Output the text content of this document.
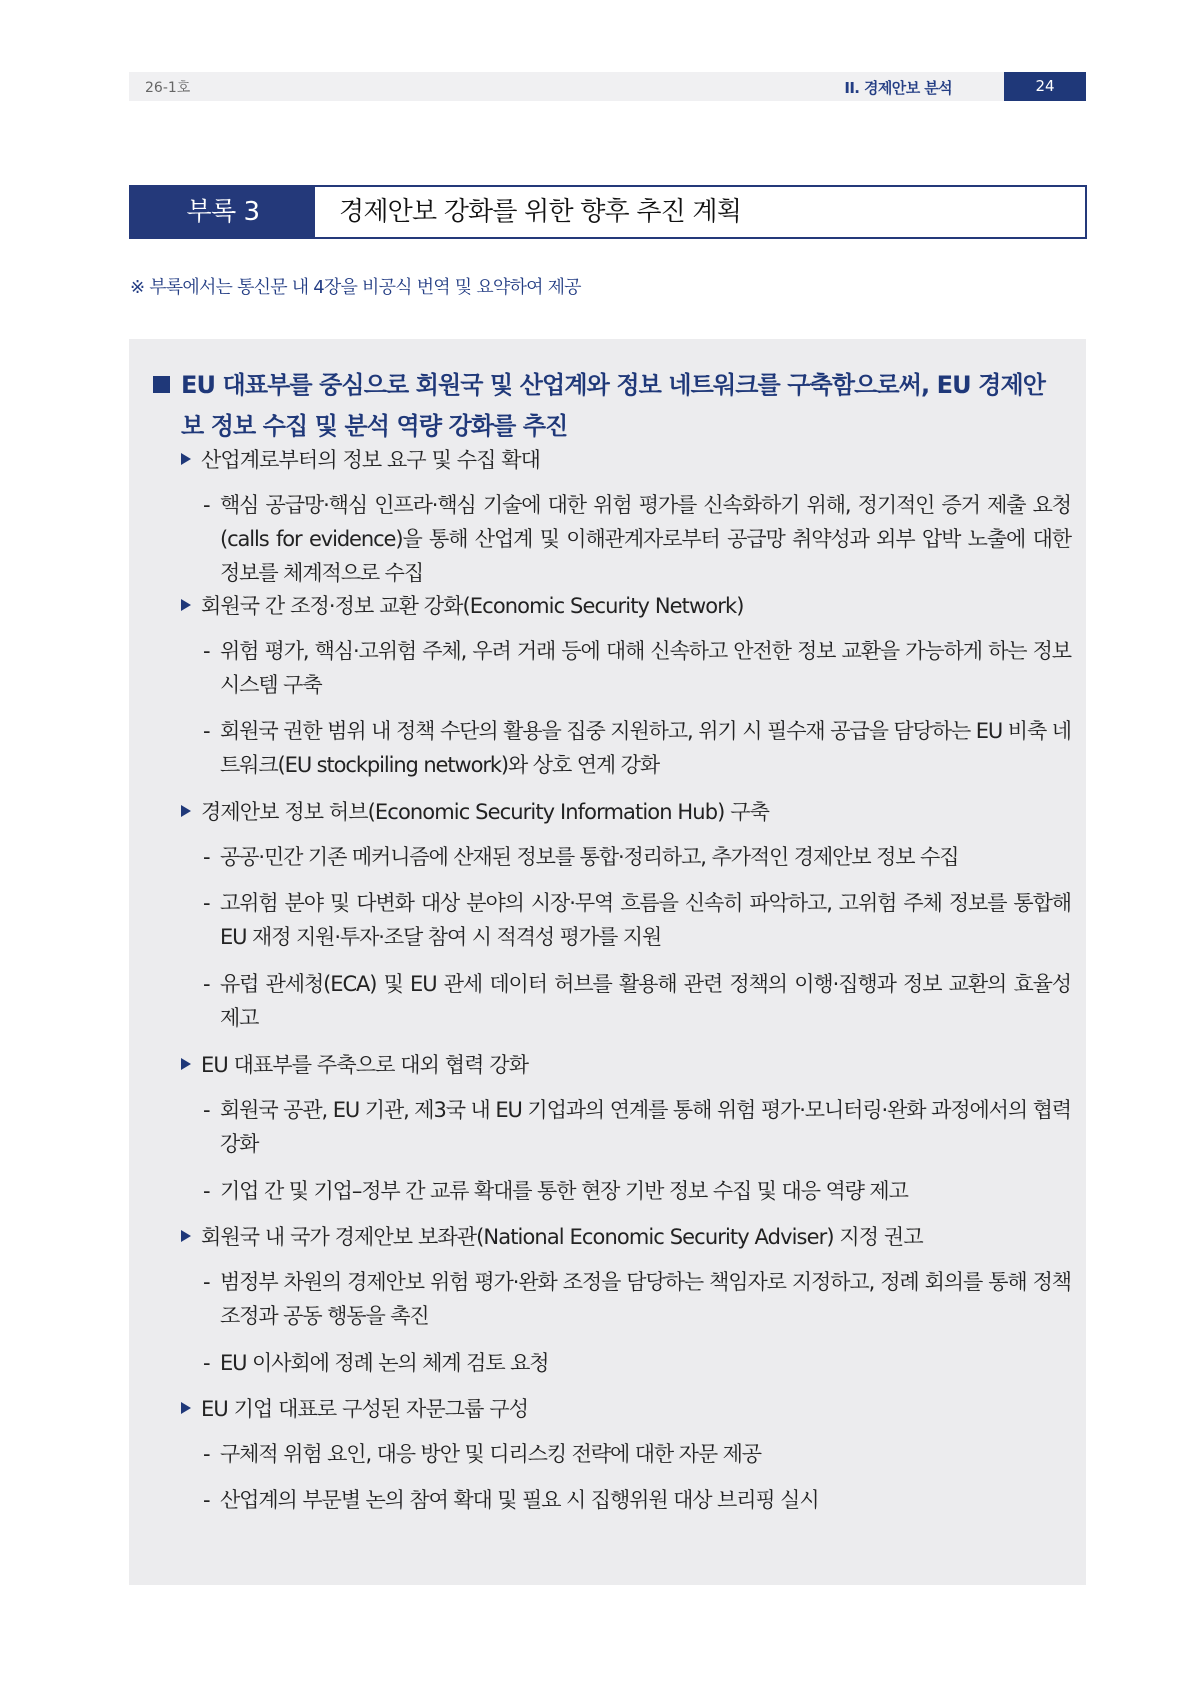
26-1호	II. 경제안보 분석	24
부록 3	경제안보 강화를 위한 향후 추진 계획
※ 부록에서는 통신문 내 4장을 비공식 번역 및 요약하여 제공
EU 대표부를 중심으로 회원국 및 산업계와 정보 네트워크를 구축함으로써, EU 경제안보 정보 수집 및 분석 역량 강화를 추진
산업계로부터의 정보 요구 및 수집 확대
- 핵심 공급망·핵심 인프라·핵심 기술에 대한 위험 평가를 신속화하기 위해, 정기적인 증거 제출 요청(calls for evidence)을 통해 산업계 및 이해관계자로부터 공급망 취약성과 외부 압박 노출에 대한 정보를 체계적으로 수집
회원국 간 조정·정보 교환 강화(Economic Security Network)
- 위험 평가, 핵심·고위험 주체, 우려 거래 등에 대해 신속하고 안전한 정보 교환을 가능하게 하는 정보 시스템 구축
- 회원국 권한 범위 내 정책 수단의 활용을 집중 지원하고, 위기 시 필수재 공급을 담당하는 EU 비축 네트워크(EU stockpiling network)와 상호 연계 강화
경제안보 정보 허브(Economic Security Information Hub) 구축
- 공공·민간 기존 메커니즘에 산재된 정보를 통합·정리하고, 추가적인 경제안보 정보 수집
- 고위험 분야 및 다변화 대상 분야의 시장·무역 흐름을 신속히 파악하고, 고위험 주체 정보를 통합해 EU 재정 지원·투자·조달 참여 시 적격성 평가를 지원
- 유럽 관세청(ECA) 및 EU 관세 데이터 허브를 활용해 관련 정책의 이행·집행과 정보 교환의 효율성 제고
EU 대표부를 주축으로 대외 협력 강화
- 회원국 공관, EU 기관, 제3국 내 EU 기업과의 연계를 통해 위험 평가·모니터링·완화 과정에서의 협력 강화
- 기업 간 및 기업–정부 간 교류 확대를 통한 현장 기반 정보 수집 및 대응 역량 제고
회원국 내 국가 경제안보 보좌관(National Economic Security Adviser) 지정 권고
- 범정부 차원의 경제안보 위험 평가·완화 조정을 담당하는 책임자로 지정하고, 정례 회의를 통해 정책 조정과 공동 행동을 촉진
- EU 이사회에 정례 논의 체계 검토 요청
EU 기업 대표로 구성된 자문그룹 구성
- 구체적 위험 요인, 대응 방안 및 디리스킹 전략에 대한 자문 제공
- 산업계의 부문별 논의 참여 확대 및 필요 시 집행위원 대상 브리핑 실시
